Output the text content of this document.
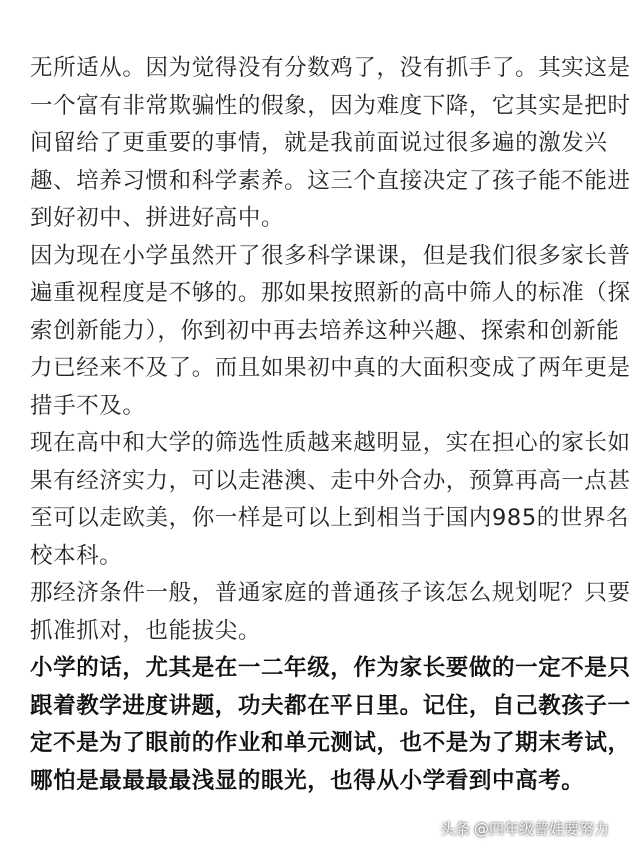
无所适从。因为觉得没有分数鸡了，没有抓手了。其实这是
一个富有非常欺骗性的假象，因为难度下降，它其实是把时
间留给了更重要的事情，就是我前面说过很多遍的激发兴
趣、培养习惯和科学素养。这三个直接决定了孩子能不能进
到好初中、拼进好高中。

因为现在小学虽然开了很多科学课课，但是我们很多家长普
遍重视程度是不够的。那如果按照新的高中筛人的标准（探
索创新能力），你到初中再去培养这种兴趣、探索和创新能
力已经来不及了。而且如果初中真的大面积变成了两年更是
措手不及。

现在高中和大学的筛选性质越来越明显，实在担心的家长如
果有经济实力，可以走港澳、走中外合办，预算再高一点甚
至可以走欧美，你一样是可以上到相当于国内985的世界名
校本科。

那经济条件一般，普通家庭的普通孩子该怎么规划呢？只要
抓准抓对，也能拔尖。

小学的话，尤其是在一二年级，作为家长要做的一定不是只
跟着教学进度讲题，功夫都在平日里。记住，自己教孩子一
定不是为了眼前的作业和单元测试，也不是为了期末考试，
哪怕是最最最最浅显的眼光，也得从小学看到中高考。

头条 @四年级普娃要努力
